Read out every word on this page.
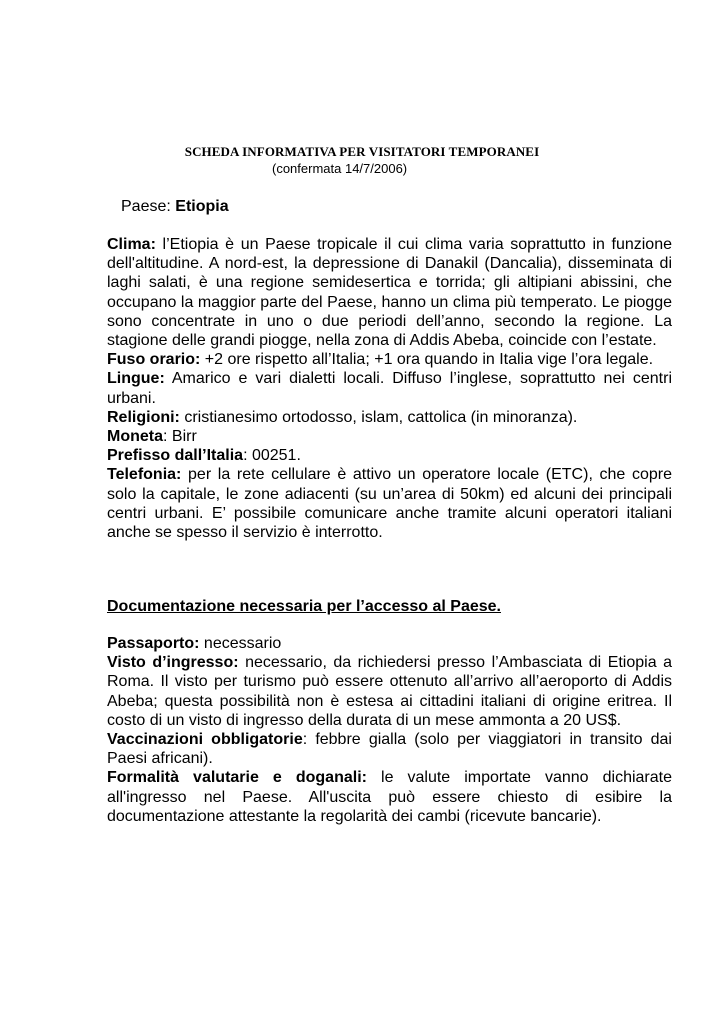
SCHEDA INFORMATIVA PER VISITATORI TEMPORANEI
(confermata 14/7/2006)
Paese: Etiopia

Clima: l’Etiopia è un Paese tropicale il cui clima varia soprattutto in funzione dell'altitudine. A nord-est, la depressione di Danakil (Dancalia), disseminata di laghi salati, è una regione semidesertica e torrida; gli altipiani abissini, che occupano la maggior parte del Paese, hanno un clima più temperato. Le piogge sono concentrate in uno o due periodi dell’anno, secondo la regione. La stagione delle grandi piogge, nella zona di Addis Abeba, coincide con l’estate.

Fuso orario: +2 ore rispetto all’Italia; +1 ora quando in Italia vige l’ora legale.

Lingue: Amarico e vari dialetti locali. Diffuso l’inglese, soprattutto nei centri urbani.

Religioni: cristianesimo ortodosso, islam, cattolica (in minoranza).

Moneta: Birr

Prefisso dall’Italia: 00251.

Telefonia: per la rete cellulare è attivo un operatore locale (ETC), che copre solo la capitale, le zone adiacenti (su un’area di 50km) ed alcuni dei principali centri urbani. E’ possibile comunicare anche tramite alcuni operatori italiani anche se spesso il servizio è interrotto.

Documentazione necessaria per l’accesso al Paese.

Passaporto: necessario

Visto d’ingresso: necessario, da richiedersi presso l’Ambasciata di Etiopia a Roma. Il visto per turismo può essere ottenuto all’arrivo all’aeroporto di Addis Abeba; questa possibilità non è estesa ai cittadini italiani di origine eritrea. Il costo di un visto di ingresso della durata di un mese ammonta a 20 US$.

Vaccinazioni obbligatorie: febbre gialla (solo per viaggiatori in transito dai Paesi africani).

Formalità valutarie e doganali: le valute importate vanno dichiarate all'ingresso nel Paese. All'uscita può essere chiesto di esibire la documentazione attestante la regolarità dei cambi (ricevute bancarie).
